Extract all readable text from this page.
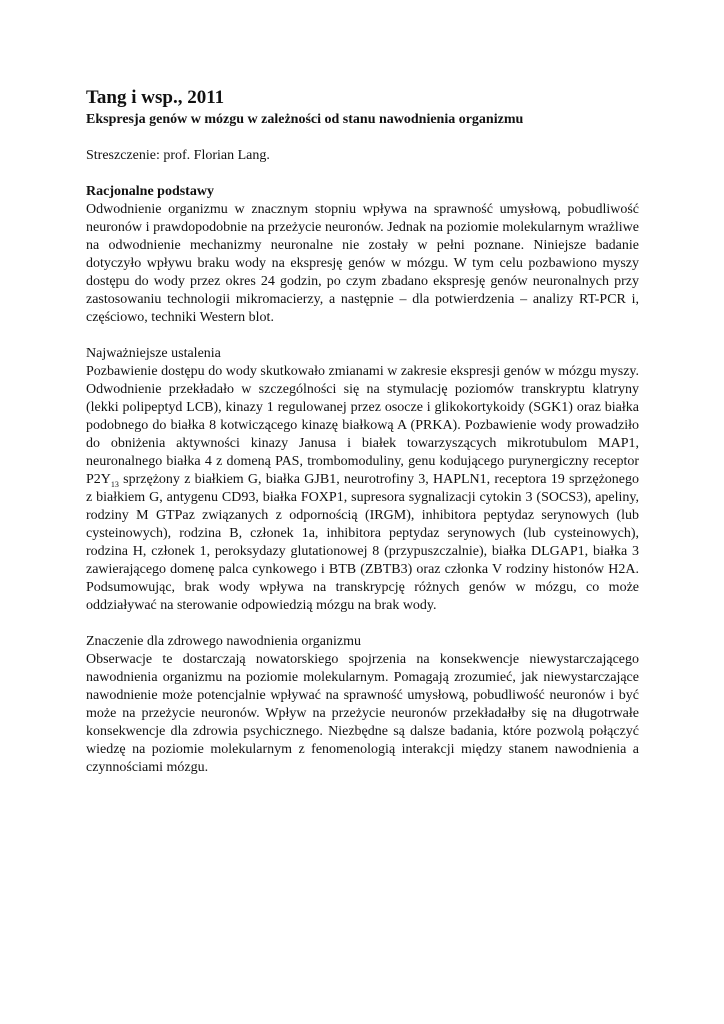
Tang i wsp., 2011
Ekspresja genów w mózgu w zależności od stanu nawodnienia organizmu

Streszczenie: prof. Florian Lang.

Racjonalne podstawy

Odwodnienie organizmu w znacznym stopniu wpływa na sprawność umysłową, pobudliwość neuronów i prawdopodobnie na przeżycie neuronów. Jednak na poziomie molekularnym wrażliwe na odwodnienie mechanizmy neuronalne nie zostały w pełni poznane. Niniejsze badanie dotyczyło wpływu braku wody na ekspresję genów w mózgu. W tym celu pozbawiono myszy dostępu do wody przez okres 24 godzin, po czym zbadano ekspresję genów neuronalnych przy zastosowaniu technologii mikromacierzy, a następnie – dla potwierdzenia – analizy RT-PCR i, częściowo, techniki Western blot.

Najważniejsze ustalenia

Pozbawienie dostępu do wody skutkowało zmianami w zakresie ekspresji genów w mózgu myszy. Odwodnienie przekładało w szczególności się na stymulację poziomów transkryptu klatryny (lekki polipeptyd LCB), kinazy 1 regulowanej przez osocze i glikokortykoidy (SGK1) oraz białka podobnego do białka 8 kotwiczącego kinazę białkową A (PRKA). Pozbawienie wody prowadziło do obniżenia aktywności kinazy Janusa i białek towarzyszących mikrotubulom MAP1, neuronalnego białka 4 z domeną PAS, trombomoduliny, genu kodującego purynergiczny receptor $P2Y_{13}$ sprzężony z białkiem G, białka GJB1, neurotrofiny 3, HAPLN1, receptora 19 sprzężonego z białkiem G, antygenu CD93, białka FOXP1, supresora sygnalizacji cytokin 3 (SOCS3), apeliny, rodziny M GTPaz związanych z odpornością (IRGM), inhibitora peptydaz serynowych (lub cysteinowych), rodzina B, członek 1a, inhibitora peptydaz serynowych (lub cysteinowych), rodzina H, członek 1, peroksydazy glutationowej 8 (przypuszczalnie), białka DLGAP1, białka 3 zawierającego domenę palca cynkowego i BTB (ZBTB3) oraz członka V rodziny histonów H2A. Podsumowując, brak wody wpływa na transkrypcję różnych genów w mózgu, co może oddziaływać na sterowanie odpowiedzią mózgu na brak wody.

Znaczenie dla zdrowego nawodnienia organizmu

Obserwacje te dostarczają nowatorskiego spojrzenia na konsekwencje niewystarczającego nawodnienia organizmu na poziomie molekularnym. Pomagają zrozumieć, jak niewystarczające nawodnienie może potencjalnie wpływać na sprawność umysłową, pobudliwość neuronów i być może na przeżycie neuronów. Wpływ na przeżycie neuronów przekładałby się na długotrwałe konsekwencje dla zdrowia psychicznego. Niezbędne są dalsze badania, które pozwolą połączyć wiedzę na poziomie molekularnym z fenomenologią interakcji między stanem nawodnienia a czynnościami mózgu.
